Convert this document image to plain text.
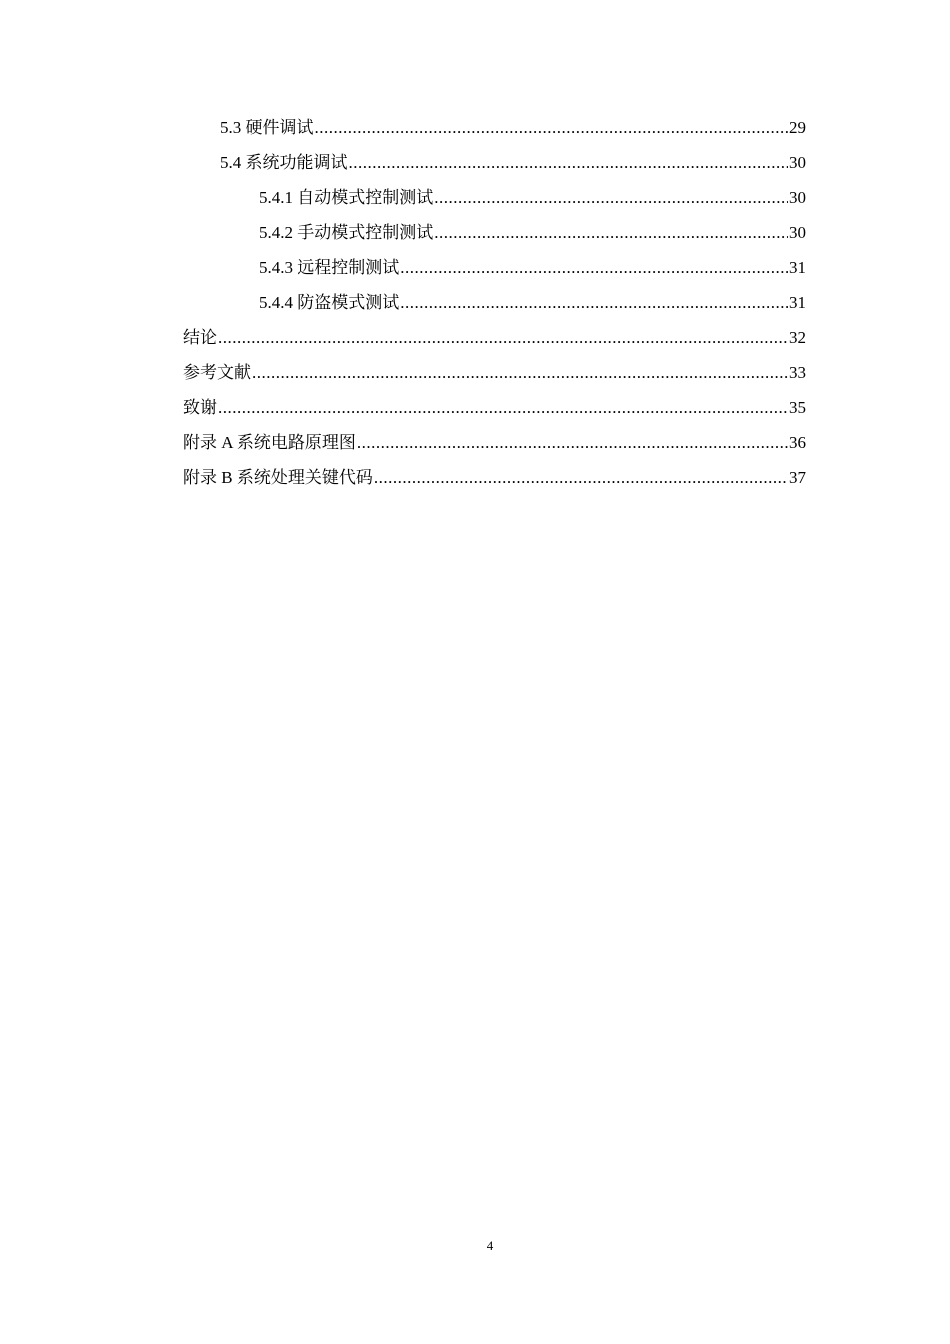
5.3 硬件调试 .....	29
5.4 系统功能调试 .....	30
5.4.1 自动模式控制测试 .....	30
5.4.2 手动模式控制测试 .....	30
5.4.3 远程控制测试 .....	31
5.4.4 防盗模式测试 .....	31
结论 .....	32
参考文献 .....	33
致谢 .....	35
附录 A 系统电路原理图 .....	36
附录 B 系统处理关键代码 .....	37
4
